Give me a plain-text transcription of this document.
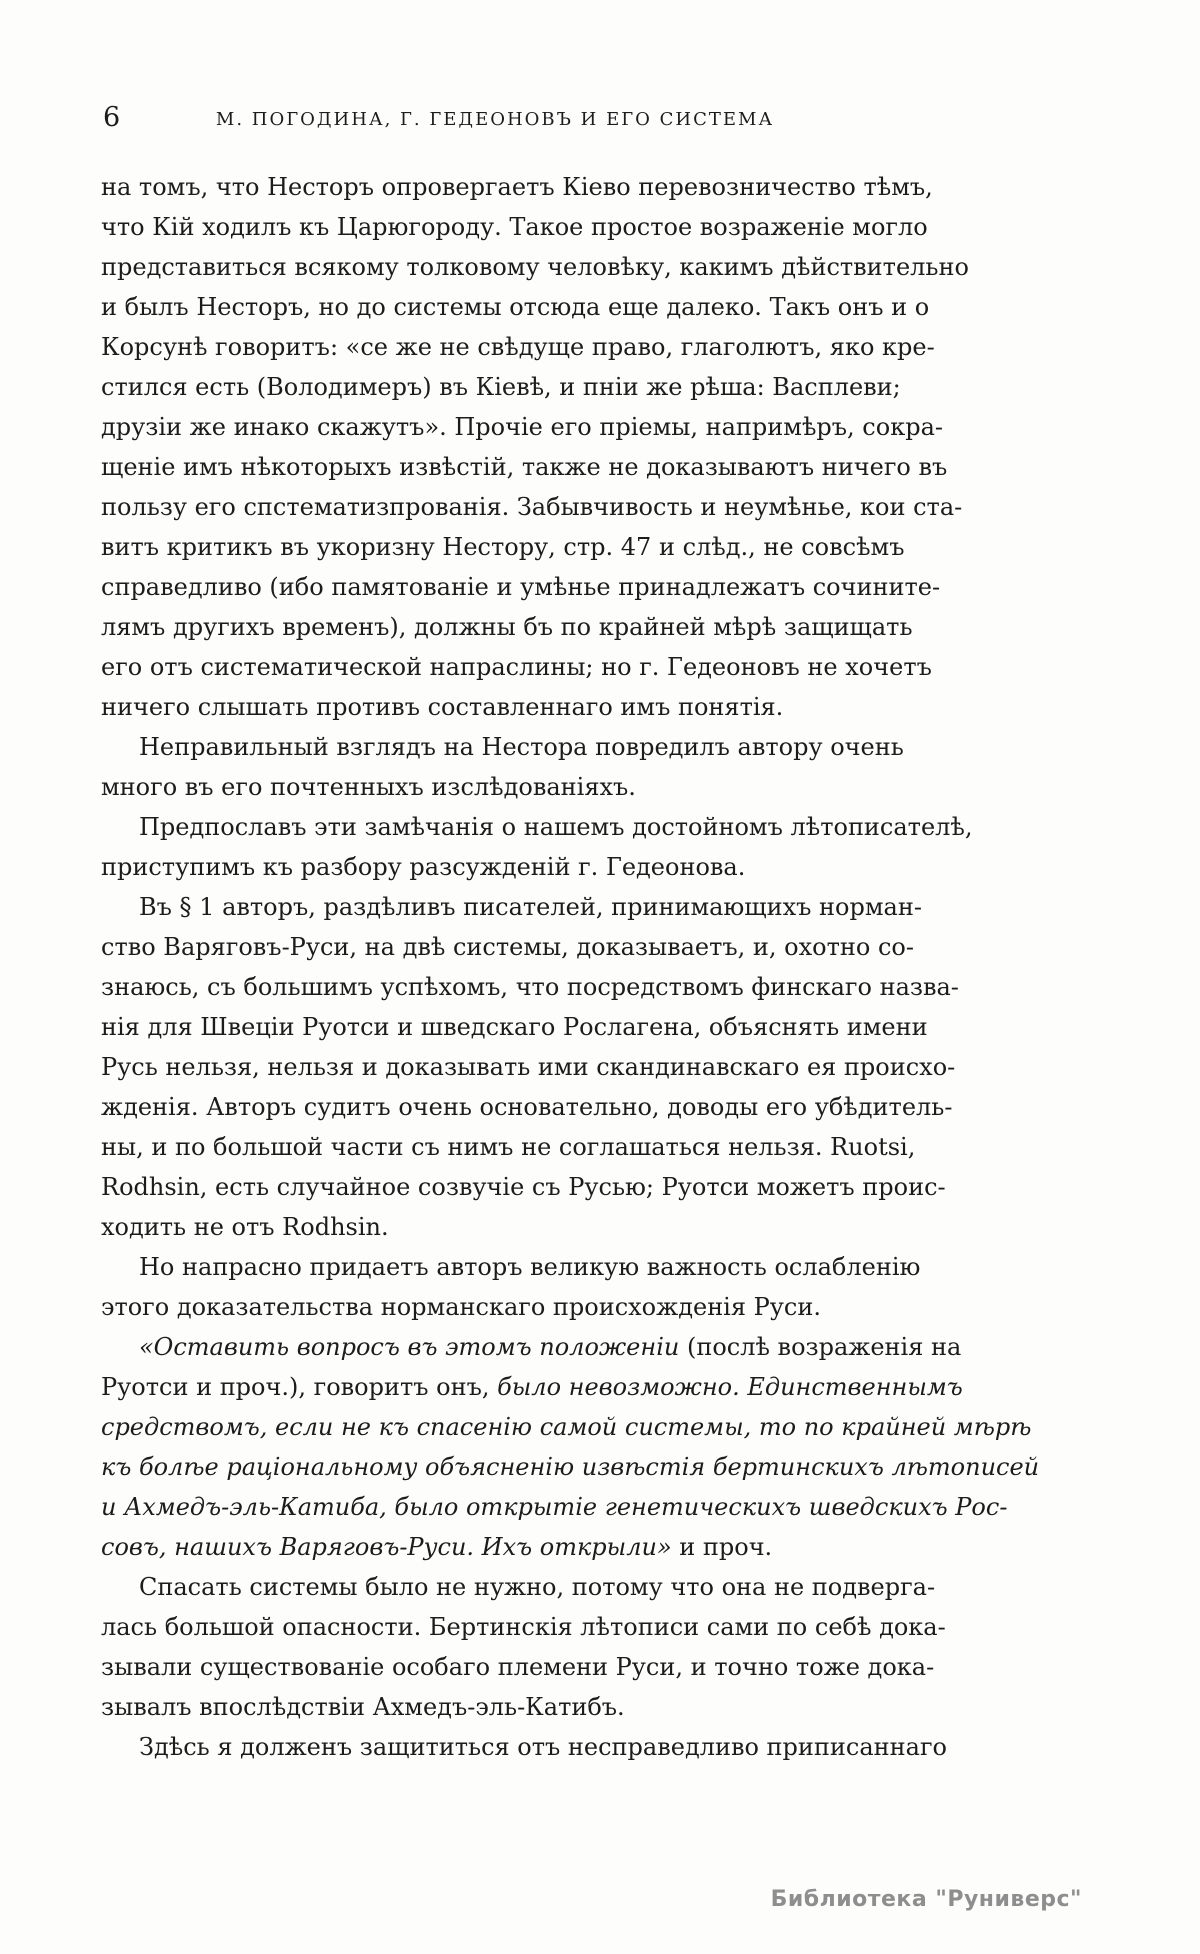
6	М. ПОГОДИНА, Г. ГЕДЕОНОВЪ И ЕГО СИСТЕМА
на томъ, что Несторъ опровергаетъ Кіево перевозничество тѣмъ,
что Кій ходилъ къ Царюгороду. Такое простое возраженіе могло
представиться всякому толковому человѣку, какимъ дѣйствительно
и былъ Несторъ, но до системы отсюда еще далеко. Такъ онъ и о
Корсунѣ говоритъ: «се же не свѣдуще право, глаголютъ, яко кре-
стился есть (Володимеръ) въ Кіевѣ, и пніи же рѣша: Васплеви;
друзіи же инако скажутъ». Прочіе его пріемы, напримѣръ, сокра-
щеніе имъ нѣкоторыхъ извѣстій, также не доказываютъ ничего въ
пользу его спстематизпрованія. Забывчивость и неумѣнье, кои ста-
витъ критикъ въ укоризну Нестору, стр. 47 и слѣд., не совсѣмъ
справедливо (ибо памятованіе и умѣнье принадлежатъ сочините-
лямъ другихъ временъ), должны бъ по крайней мѣрѣ защищать
его отъ систематической напраслины; но г. Гедеоновъ не хочетъ
ничего слышать противъ составленнаго имъ понятія.
Неправильный взглядъ на Нестора повредилъ автору очень
много въ его почтенныхъ изслѣдованіяхъ.
Предпославъ эти замѣчанія о нашемъ достойномъ лѣтописателѣ,
приступимъ къ разбору разсужденій г. Гедеонова.
Въ § 1 авторъ, раздѣливъ писателей, принимающихъ норман-
ство Варяговъ-Руси, на двѣ системы, доказываетъ, и, охотно со-
знаюсь, съ большимъ успѣхомъ, что посредствомъ финскаго назва-
нія для Швеціи Руотси и шведскаго Рослагена, объяснять имени
Русь нельзя, нельзя и доказывать ими скандинавскаго ея происхо-
жденія. Авторъ судитъ очень основательно, доводы его убѣдитель-
ны, и по большой части съ нимъ не соглашаться нельзя. Ruotsi,
Rodhsin, есть случайное созвучіе съ Русью; Руотси можетъ проис-
ходить не отъ Rodhsin.
Но напрасно придаетъ авторъ великую важность ослабленію
этого доказательства норманскаго происхожденія Руси.
«Оставить вопросъ въ этомъ положеніи (послѣ возраженія на
Руотси и проч.), говоритъ онъ, было невозможно. Единственнымъ
средствомъ, если не къ спасенію самой системы, то по крайней мѣрѣ
къ болѣе раціональному объясненію извѣстія бертинскихъ лѣтописей
и Ахмедъ-эль-Катиба, было открытіе генетическихъ шведскихъ Рос-
совъ, нашихъ Варяговъ-Руси. Ихъ открыли» и проч.
Спасать системы было не нужно, потому что она не подверга-
лась большой опасности. Бертинскія лѣтописи сами по себѣ дока-
зывали существованіе особаго племени Руси, и точно тоже дока-
зывалъ впослѣдствіи Ахмедъ-эль-Катибъ.
Здѣсь я долженъ защититься отъ несправедливо приписаннаго
Библиотека "Руниверс"
